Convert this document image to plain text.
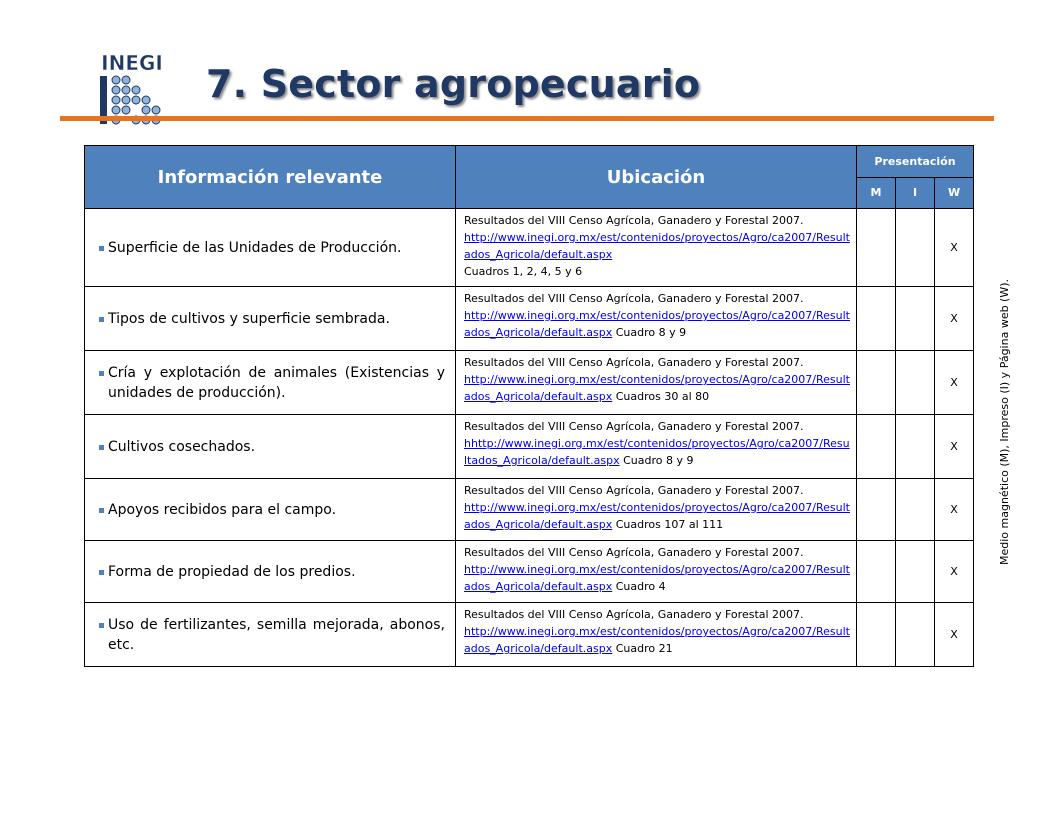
INEGI 7. Sector agropecuario
Información relevante	Ubicación	Presentación		
		M	I	W

Superficie de las Unidades de Producción.	Resultados del VIII Censo Agrícola, Ganadero y Forestal 2007.
http://www.inegi.org.mx/est/contenidos/proyectos/Agro/ca2007/Resultados_Agricola/default.aspx
Cuadros 1, 2, 4, 5 y 6			X

Tipos de cultivos y superficie sembrada.	Resultados del VIII Censo Agrícola, Ganadero y Forestal 2007.
http://www.inegi.org.mx/est/contenidos/proyectos/Agro/ca2007/Resultados_Agricola/default.aspx Cuadro 8 y 9			X

Cría y explotación de animales (Existencias y unidades de producción).	Resultados del VIII Censo Agrícola, Ganadero y Forestal 2007.
http://www.inegi.org.mx/est/contenidos/proyectos/Agro/ca2007/Resultados_Agricola/default.aspx Cuadros 30 al 80			X

Cultivos cosechados.	Resultados del VIII Censo Agrícola, Ganadero y Forestal 2007.
hhttp://www.inegi.org.mx/est/contenidos/proyectos/Agro/ca2007/Resultados_Agricola/default.aspx Cuadro 8 y 9			X

Apoyos recibidos para el campo.	Resultados del VIII Censo Agrícola, Ganadero y Forestal 2007.
http://www.inegi.org.mx/est/contenidos/proyectos/Agro/ca2007/Resultados_Agricola/default.aspx Cuadros 107 al 111			X

Forma de propiedad de los predios.	Resultados del VIII Censo Agrícola, Ganadero y Forestal 2007.
http://www.inegi.org.mx/est/contenidos/proyectos/Agro/ca2007/Resultados_Agricola/default.aspx Cuadro 4			X

Uso de fertilizantes, semilla mejorada, abonos, etc.	Resultados del VIII Censo Agrícola, Ganadero y Forestal 2007.
http://www.inegi.org.mx/est/contenidos/proyectos/Agro/ca2007/Resultados_Agricola/default.aspx Cuadro 21			X
Medio magnético (M), Impreso (I) y Página web (W).
